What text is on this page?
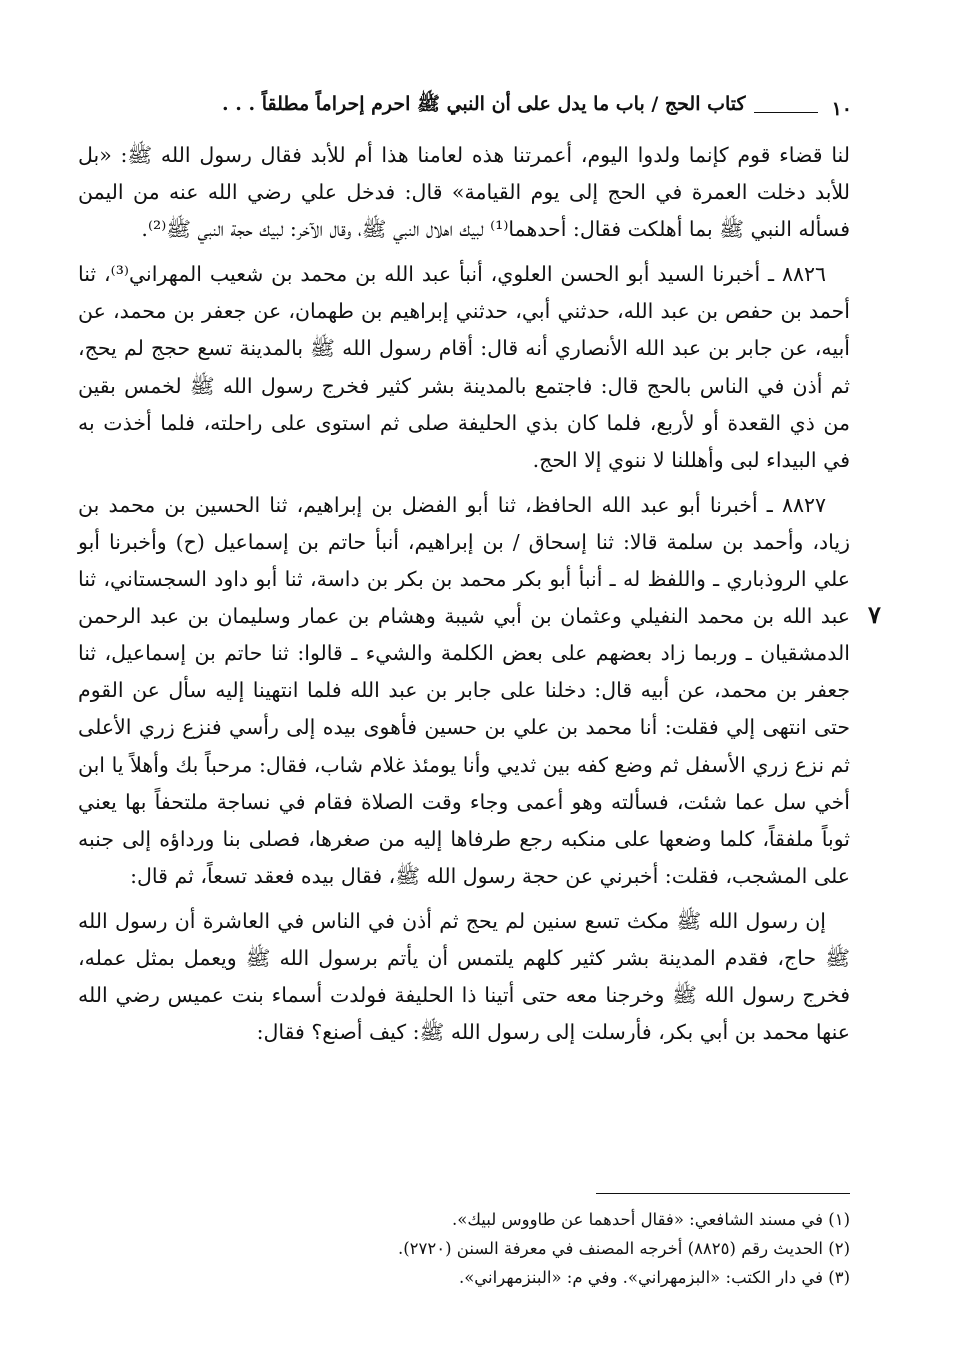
١٠
كتاب الحج / باب ما يدل على أن النبي ﷺ احرم إحراماً مطلقاً . . .

لنا قضاء قوم كإنما ولدوا اليوم، أعمرتنا هذه لعامنا هذا أم للأبد فقال رسول الله ﷺ: «بل للأبد دخلت العمرة في الحج إلى يوم القيامة» قال: فدخل علي رضي الله عنه من اليمن فسأله النبي ﷺ بما أهلكت فقال: أحدهما⁽¹⁾ لبيك اهلال النبي ﷺ، وقال الآخر: لبيك حجة النبي ﷺ⁽²⁾.

٨٨٢٦ ـ أخبرنا السيد أبو الحسن العلوي، أنبأ عبد الله بن محمد بن شعيب المهراني⁽³⁾، ثنا أحمد بن حفص بن عبد الله، حدثني أبي، حدثني إبراهيم بن طهمان، عن جعفر بن محمد، عن أبيه، عن جابر بن عبد الله الأنصاري أنه قال: أقام رسول الله ﷺ بالمدينة تسع حجج لم يحج، ثم أذن في الناس بالحج قال: فاجتمع بالمدينة بشر كثير فخرج رسول الله ﷺ لخمس بقين من ذي القعدة أو لأربع، فلما كان بذي الحليفة صلى ثم استوى على راحلته، فلما أخذت به في البيداء لبى وأهللنا لا ننوي إلا الحج.

٨٨٢٧ ـ أخبرنا أبو عبد الله الحافظ، ثنا أبو الفضل بن إبراهيم، ثنا الحسين بن محمد بن زياد، وأحمد بن سلمة قالا: ثنا إسحاق / بن إبراهيم، أنبأ حاتم بن إسماعيل (ح) وأخبرنا أبو علي الروذباري ـ واللفظ له ـ أنبأ أبو بكر محمد بن بكر بن داسة، ثنا أبو داود السجستاني، ثنا عبد الله بن محمد النفيلي وعثمان بن أبي شيبة وهشام بن عمار وسليمان بن عبد الرحمن الدمشقيان ـ وربما زاد بعضهم على بعض الكلمة والشيء ـ قالوا: ثنا حاتم بن إسماعيل، ثنا جعفر بن محمد، عن أبيه قال: دخلنا على جابر بن عبد الله فلما انتهينا إليه سأل عن القوم حتى انتهى إلي فقلت: أنا محمد بن علي بن حسين فأهوى بيده إلى رأسي فنزع زري الأعلى ثم نزع زري الأسفل ثم وضع كفه بين ثديي وأنا يومئذ غلام شاب، فقال: مرحباً بك وأهلاً يا ابن أخي سل عما شئت، فسألته وهو أعمى وجاء وقت الصلاة فقام في نساجة ملتحفاً بها يعني ثوباً ملفقاً، كلما وضعها على منكبه رجع طرفاها إليه من صغرها، فصلى بنا ورداؤه إلى جنبه على المشجب، فقلت: أخبرني عن حجة رسول الله ﷺ، فقال بيده فعقد تسعاً، ثم قال:

إن رسول الله ﷺ مكث تسع سنين لم يحج ثم أذن في الناس في العاشرة أن رسول الله ﷺ حاج، فقدم المدينة بشر كثير كلهم يلتمس أن يأتم برسول الله ﷺ ويعمل بمثل عمله، فخرج رسول الله ﷺ وخرجنا معه حتى أتينا ذا الحليفة فولدت أسماء بنت عميس رضي الله عنها محمد بن أبي بكر، فأرسلت إلى رسول الله ﷺ: كيف أصنع؟ فقال:

٧
(١) في مسند الشافعي: «فقال أحدهما عن طاووس لبيك».
(٢) الحديث رقم (٨٨٢٥) أخرجه المصنف في معرفة السنن (٢٧٢٠).
(٣) في دار الكتب: «البزمهراني». وفي م: «البنزمهراني».
